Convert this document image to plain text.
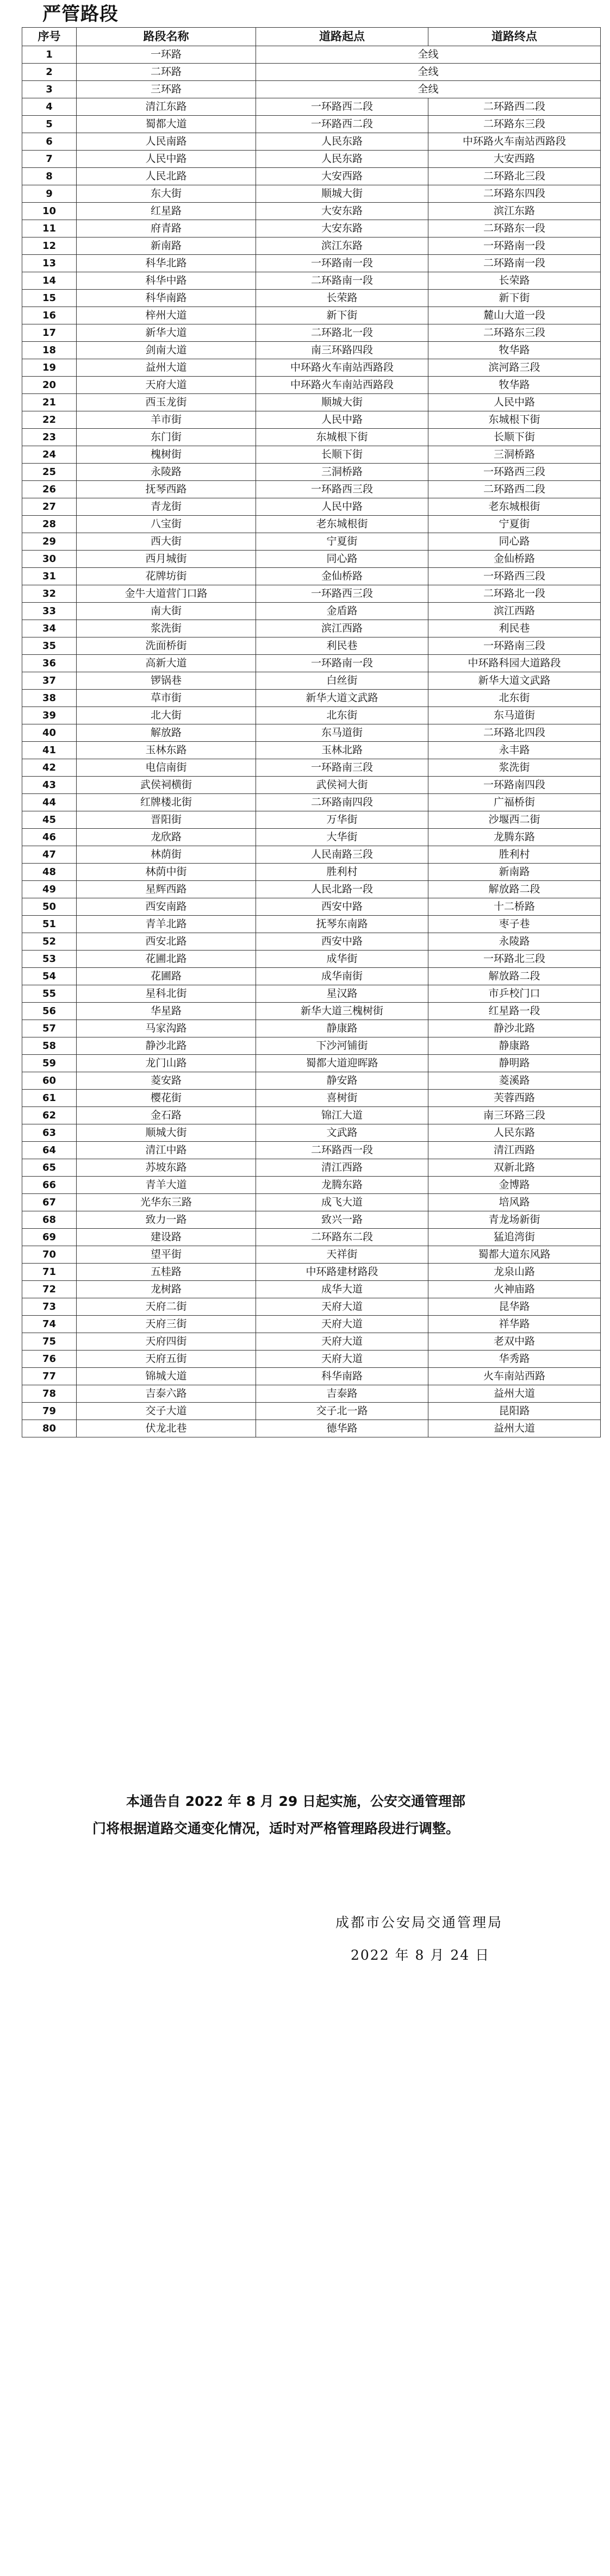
严管路段
序号	路段名称	道路起点	道路终点
1	一环路	全线	
2	二环路	全线	
3	三环路	全线	
4	清江东路	一环路西二段	二环路西二段
5	蜀都大道	一环路西二段	二环路东三段
6	人民南路	人民东路	中环路火车南站西路段
7	人民中路	人民东路	大安西路
8	人民北路	大安西路	二环路北三段
9	东大街	顺城大街	二环路东四段
10	红星路	大安东路	滨江东路
11	府青路	大安东路	二环路东一段
12	新南路	滨江东路	一环路南一段
13	科华北路	一环路南一段	二环路南一段
14	科华中路	二环路南一段	长荣路
15	科华南路	长荣路	新下街
16	梓州大道	新下街	麓山大道一段
17	新华大道	二环路北一段	二环路东三段
18	剑南大道	南三环路四段	牧华路
19	益州大道	中环路火车南站西路段	滨河路三段
20	天府大道	中环路火车南站西路段	牧华路
21	西玉龙街	顺城大街	人民中路
22	羊市街	人民中路	东城根下街
23	东门街	东城根下街	长顺下街
24	槐树街	长顺下街	三洞桥路
25	永陵路	三洞桥路	一环路西三段
26	抚琴西路	一环路西三段	二环路西二段
27	青龙街	人民中路	老东城根街
28	八宝街	老东城根街	宁夏街
29	西大街	宁夏街	同心路
30	西月城街	同心路	金仙桥路
31	花牌坊街	金仙桥路	一环路西三段
32	金牛大道营门口路	一环路西三段	二环路北一段
33	南大街	金盾路	滨江西路
34	浆洗街	滨江西路	利民巷
35	洗面桥街	利民巷	一环路南三段
36	高新大道	一环路南一段	中环路科园大道路段
37	锣锅巷	白丝街	新华大道文武路
38	草市街	新华大道文武路	北东街
39	北大街	北东街	东马道街
40	解放路	东马道街	二环路北四段
41	玉林东路	玉林北路	永丰路
42	电信南街	一环路南三段	浆洗街
43	武侯祠横街	武侯祠大街	一环路南四段
44	红牌楼北街	二环路南四段	广福桥街
45	晋阳街	万华街	沙堰西二街
46	龙欣路	大华街	龙腾东路
47	林荫街	人民南路三段	胜利村
48	林荫中街	胜利村	新南路
49	星辉西路	人民北路一段	解放路二段
50	西安南路	西安中路	十二桥路
51	青羊北路	抚琴东南路	枣子巷
52	西安北路	西安中路	永陵路
53	花圃北路	成华街	一环路北三段
54	花圃路	成华南街	解放路二段
55	星科北街	星汉路	市乒校门口
56	华星路	新华大道三槐树街	红星路一段
57	马家沟路	静康路	静沙北路
58	静沙北路	下沙河铺街	静康路
59	龙门山路	蜀都大道迎晖路	静明路
60	菱安路	静安路	菱溪路
61	樱花街	喜树街	芙蓉西路
62	金石路	锦江大道	南三环路三段
63	顺城大街	文武路	人民东路
64	清江中路	二环路西一段	清江西路
65	苏坡东路	清江西路	双新北路
66	青羊大道	龙腾东路	金博路
67	光华东三路	成飞大道	培风路
68	致力一路	致兴一路	青龙场新街
69	建设路	二环路东二段	猛追湾街
70	望平街	天祥街	蜀都大道东风路
71	五桂路	中环路建材路段	龙泉山路
72	龙树路	成华大道	火神庙路
73	天府二街	天府大道	昆华路
74	天府三街	天府大道	祥华路
75	天府四街	天府大道	老双中路
76	天府五街	天府大道	华秀路
77	锦城大道	科华南路	火车南站西路
78	吉泰六路	吉泰路	益州大道
79	交子大道	交子北一路	昆阳路
80	伏龙北巷	德华路	益州大道

本通告自 2022 年 8 月 29 日起实施，公安交通管理部

门将根据道路交通变化情况，适时对严格管理路段进行调整。

成都市公安局交通管理局
2022 年 8 月 24 日
